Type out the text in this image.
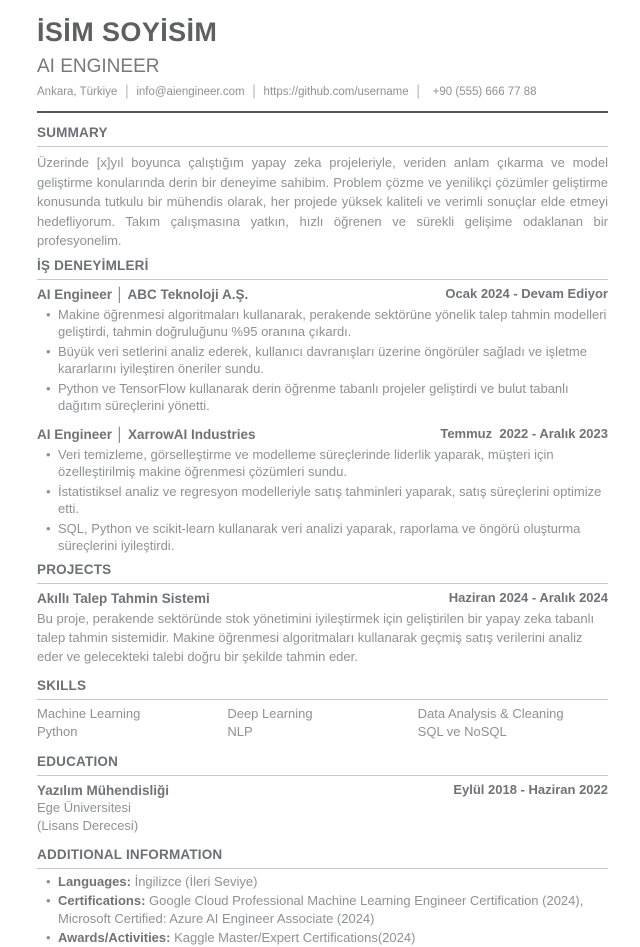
İSİM SOYİSİM
AI ENGINEER
Ankara, Türkiye | info@aiengineer.com | https://github.com/username | +90 (555) 666 77 88
SUMMARY

Üzerinde [x]yıl boyunca çalıştığım yapay zeka projeleriyle, veriden anlam çıkarma ve model geliştirme konularında derin bir deneyime sahibim. Problem çözme ve yenilikçi çözümler geliştirme konusunda tutkulu bir mühendis olarak, her projede yüksek kaliteli ve verimli sonuçlar elde etmeyi hedefliyorum. Takım çalışmasına yatkın, hızlı öğrenen ve sürekli gelişime odaklanan bir profesyonelim.

İŞ DENEYİMLERİ
AI Engineer │ ABC Teknoloji A.Ş.	Ocak 2024 - Devam Ediyor
• Makine öğrenmesi algoritmaları kullanarak, perakende sektörüne yönelik talep tahmin modelleri geliştirdi, tahmin doğruluğunu %95 oranına çıkardı.
• Büyük veri setlerini analiz ederek, kullanıcı davranışları üzerine öngörüler sağladı ve işletme kararlarını iyileştiren öneriler sundu.
• Python ve TensorFlow kullanarak derin öğrenme tabanlı projeler geliştirdi ve bulut tabanlı dağıtım süreçlerini yönetti.
AI Engineer │ XarrowAI Industries	Temmuz  2022 - Aralık 2023
• Veri temizleme, görselleştirme ve modelleme süreçlerinde liderlik yaparak, müşteri için özelleştirilmiş makine öğrenmesi çözümleri sundu.
• İstatistiksel analiz ve regresyon modelleriyle satış tahminleri yaparak, satış süreçlerini optimize etti.
• SQL, Python ve scikit-learn kullanarak veri analizi yaparak, raporlama ve öngörü oluşturma süreçlerini iyileştirdi.
PROJECTS
Akıllı Talep Tahmin Sistemi	Haziran 2024 - Aralık 2024

Bu proje, perakende sektöründe stok yönetimini iyileştirmek için geliştirilen bir yapay zeka tabanlı talep tahmin sistemidir. Makine öğrenmesi algoritmaları kullanarak geçmiş satış verilerini analiz eder ve gelecekteki talebi doğru bir şekilde tahmin eder.

SKILLS
Machine Learning	Deep Learning	Data Analysis & Cleaning
Python	NLP	SQL ve NoSQL
EDUCATION
Yazılım Mühendisliği	Eylül 2018 - Haziran 2022
Ege Üniversitesi
(Lisans Derecesi)
ADDITIONAL INFORMATION
• Languages: İngilizce (İleri Seviye)
• Certifications: Google Cloud Professional Machine Learning Engineer Certification (2024), Microsoft Certified: Azure AI Engineer Associate (2024)
• Awards/Activities: Kaggle Master/Expert Certifications(2024)
